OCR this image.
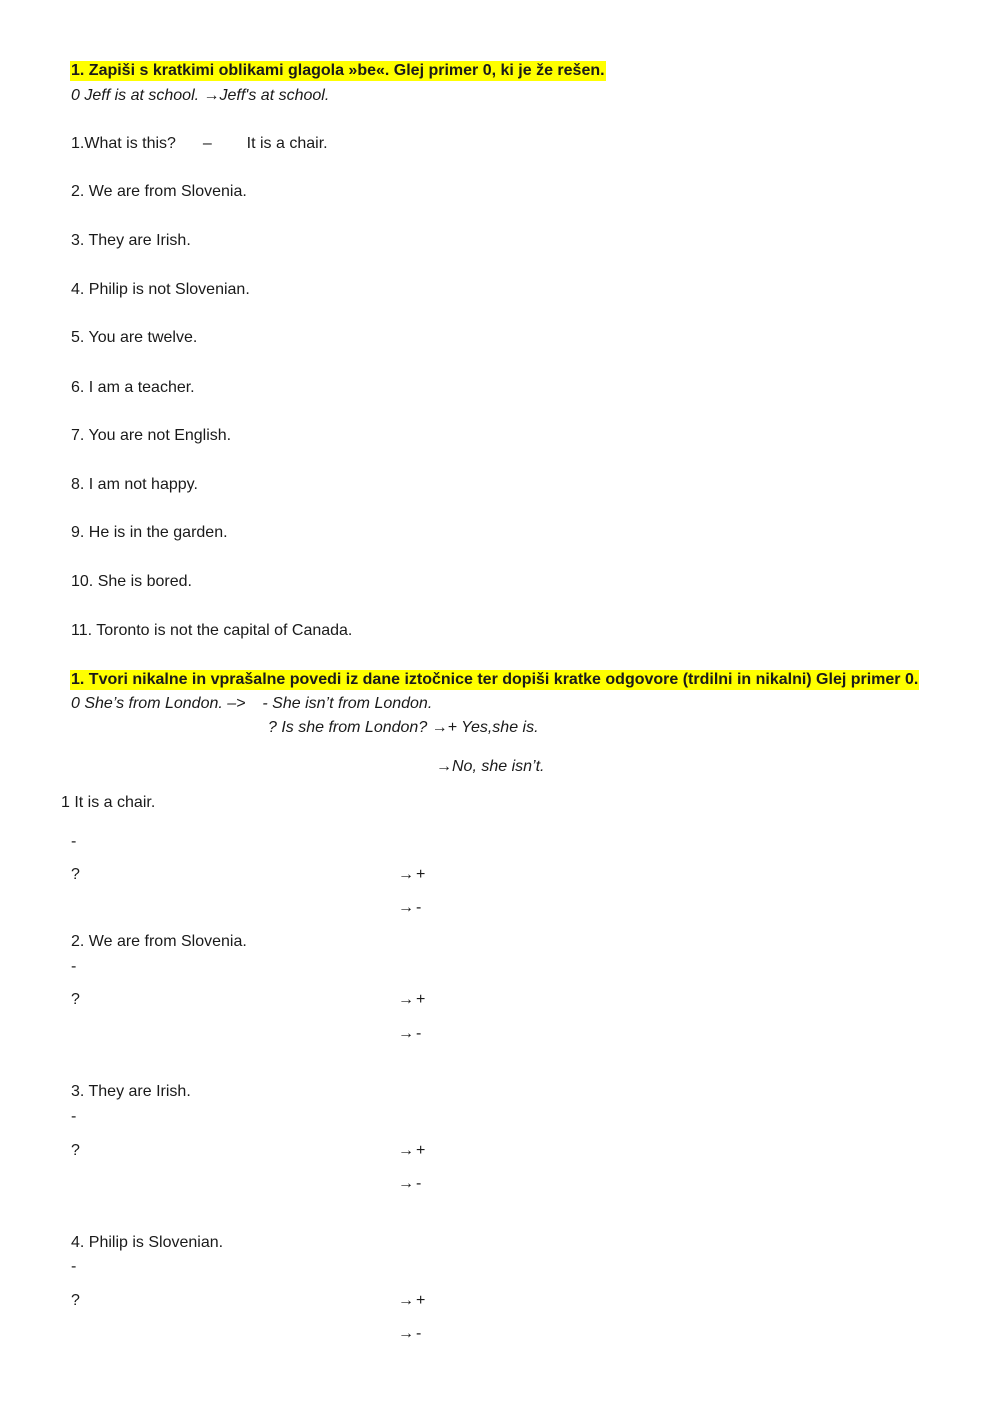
1. Zapiši s kratkimi oblikami glagola »be«. Glej primer 0, ki je že rešen.
0 Jeff is at school. →Jeff's at school.
1.What is this? – It is a chair.
2. We are from Slovenia.
3. They are Irish.
4. Philip is not Slovenian.
5. You are twelve.
6. I am a teacher.
7. You are not English.
8. I am not happy.
9. He is in the garden.
10. She is bored.
11. Toronto is not the capital of Canada.
1. Tvori nikalne in vprašalne povedi iz dane iztočnice ter dopiši kratke odgovore (trdilni in nikalni) Glej primer 0.
0 She’s from London. –> - She isn’t from London.
? Is she from London? →+ Yes,she is.
→No, she isn’t.
1 It is a chair.
-
?	→ +
→ -
2. We are from Slovenia.
-
?	→ +
→ -
3. They are Irish.
-
?	→ +
→ -
4. Philip is Slovenian.
-
?	→ +
→ -
